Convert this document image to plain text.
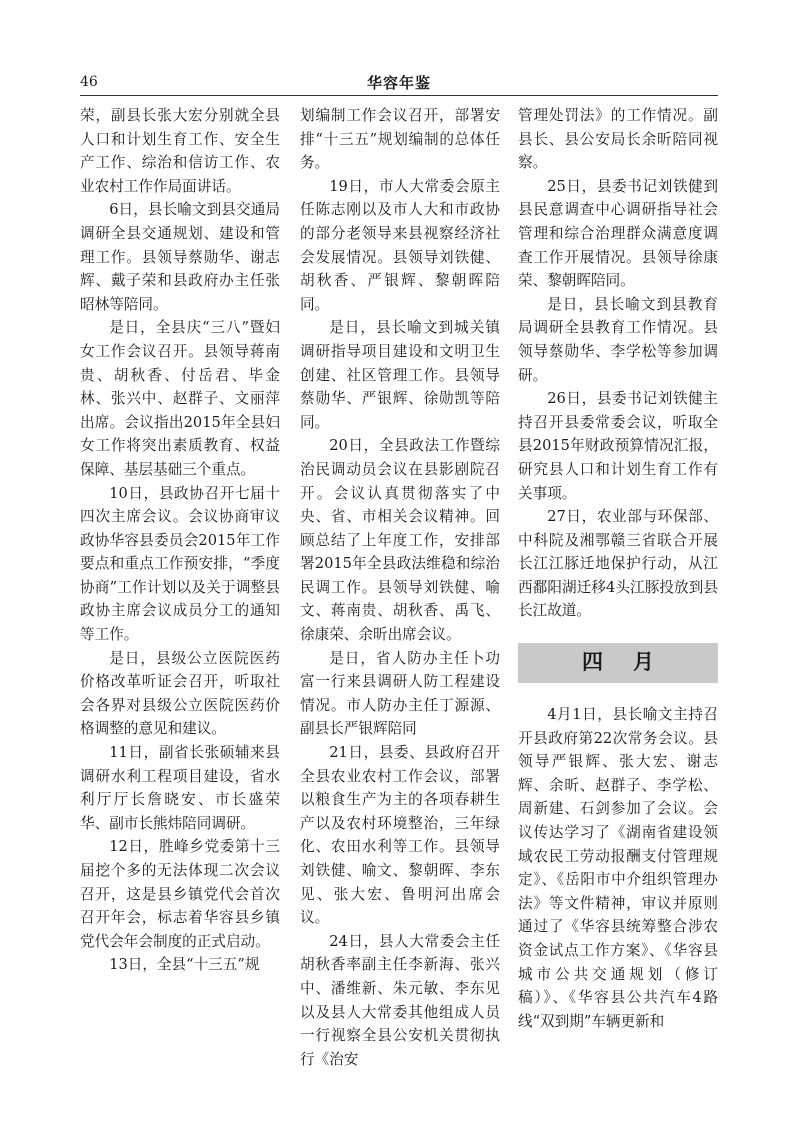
46	华容年鉴

荣，副县长张大宏分别就全县人口和计划生育工作、安全生产工作、综治和信访工作、农业农村工作作局面讲话。

6日，县长喻文到县交通局调研全县交通规划、建设和管理工作。县领导蔡勋华、谢志辉、戴子荣和县政府办主任张昭林等陪同。

是日，全县庆“三八”暨妇女工作会议召开。县领导蒋南贵、胡秋香、付岳君、毕金林、张兴中、赵群子、文丽萍出席。会议指出2015年全县妇女工作将突出素质教育、权益保障、基层基础三个重点。

10日，县政协召开七届十四次主席会议。会议协商审议政协华容县委员会2015年工作要点和重点工作预安排，“季度协商”工作计划以及关于调整县政协主席会议成员分工的通知等工作。

是日，县级公立医院医药价格改革听证会召开，听取社会各界对县级公立医院医药价格调整的意见和建议。

11日，副省长张硕辅来县调研水利工程项目建设，省水利厅厅长詹晓安、市长盛荣华、副市长熊炜陪同调研。

12日，胜峰乡党委第十三届挖个多的无法体现二次会议召开，这是县乡镇党代会首次召开年会，标志着华容县乡镇党代会年会制度的正式启动。

13日，全县“十三五”规

划编制工作会议召开，部署安排“十三五”规划编制的总体任务。

19日，市人大常委会原主任陈志刚以及市人大和市政协的部分老领导来县视察经济社会发展情况。县领导刘铁健、胡秋香、严银辉、黎朝晖陪同。

是日，县长喻文到城关镇调研指导项目建设和文明卫生创建、社区管理工作。县领导蔡勋华、严银辉、徐勋凯等陪同。

20日，全县政法工作暨综治民调动员会议在县影剧院召开。会议认真贯彻落实了中央、省、市相关会议精神。回顾总结了上年度工作，安排部署2015年全县政法维稳和综治民调工作。县领导刘铁健、喻文、蒋南贵、胡秋香、禹飞、徐康荣、余昕出席会议。

是日，省人防办主任卜功富一行来县调研人防工程建设情况。市人防办主任丁源源、副县长严银辉陪同

21日，县委、县政府召开全县农业农村工作会议，部署以粮食生产为主的各项春耕生产以及农村环境整治，三年绿化、农田水利等工作。县领导刘铁健、喻文、黎朝晖、李东见、张大宏、鲁明河出席会议。

24日，县人大常委会主任胡秋香率副主任李新海、张兴中、潘维新、朱元敏、李东见以及县人大常委其他组成人员一行视察全县公安机关贯彻执行《治安

管理处罚法》的工作情况。副县长、县公安局长余昕陪同视察。

25日，县委书记刘铁健到县民意调查中心调研指导社会管理和综合治理群众满意度调查工作开展情况。县领导徐康荣、黎朝晖陪同。

是日，县长喻文到县教育局调研全县教育工作情况。县领导蔡勋华、李学松等参加调研。

26日，县委书记刘铁健主持召开县委常委会议，听取全县2015年财政预算情况汇报，研究县人口和计划生育工作有关事项。

27日，农业部与环保部、中科院及湘鄂赣三省联合开展长江江豚迁地保护行动，从江西鄱阳湖迁移4头江豚投放到县长江故道。

四月

4月1日，县长喻文主持召开县政府第22次常务会议。县领导严银辉、张大宏、谢志辉、余昕、赵群子、李学松、周新建、石剑参加了会议。会议传达学习了《湖南省建设领域农民工劳动报酬支付管理规定》、《岳阳市中介组织管理办法》等文件精神，审议并原则通过了《华容县统筹整合涉农资金试点工作方案》、《华容县城市公共交通规划（修订稿）》、《华容县公共汽车4路线“双到期”车辆更新和
